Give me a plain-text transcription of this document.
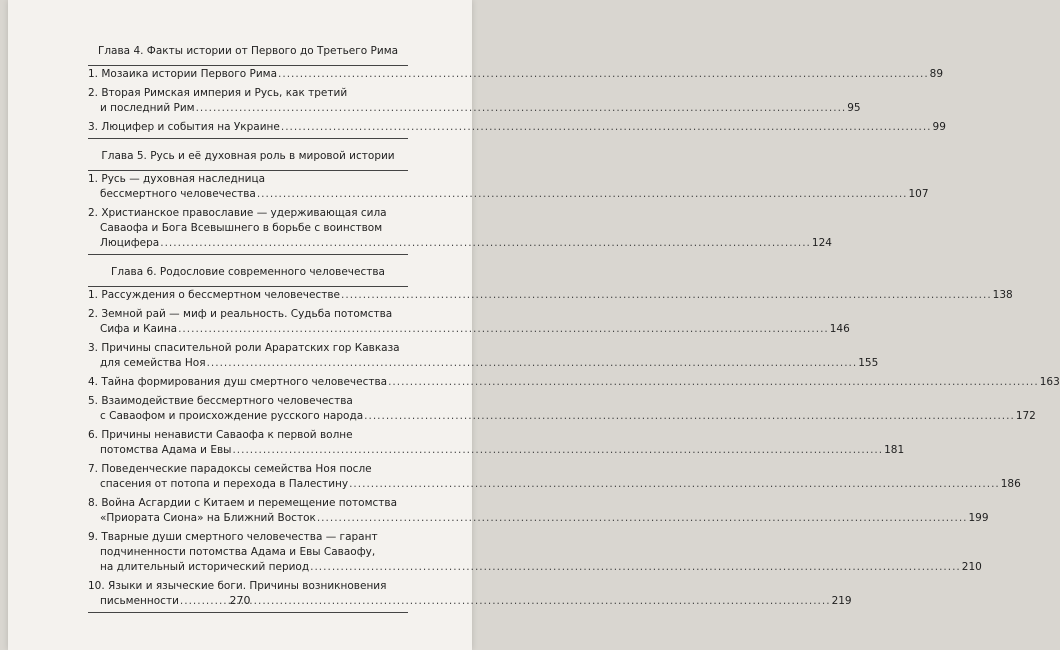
Глава 4. Факты истории от Первого до Третьего Рима
1. Мозаика истории Первого Рима .....	89
2. Вторая Римская империя и Русь, как третий
и последний Рим .....	95
3. Люцифер и события на Украине .....	99
Глава 5. Русь и её духовная роль в мировой истории
1. Русь — духовная наследница
бессмертного человечества .....	107
2. Христианское православие — удерживающая сила
Саваофа и Бога Всевышнего в борьбе с воинством
Люцифера .....	124
Глава 6. Родословие современного человечества
1. Рассуждения о бессмертном человечестве .....	138
2. Земной рай — миф и реальность. Судьба потомства
Сифа и Каина .....	146
3. Причины спасительной роли Араратских гор Кавказа
для семейства Ноя .....	155
4. Тайна формирования душ смертного человечества .....	163
5. Взаимодействие бессмертного человечества
с Саваофом и происхождение русского народа .....	172
6. Причины ненависти Саваофа к первой волне
потомства Адама и Евы .....	181
7. Поведенческие парадоксы семейства Ноя после
спасения от потопа и перехода в Палестину .....	186
8. Война Асгардии с Китаем и перемещение потомства
«Приората Сиона» на Ближний Восток .....	199
9. Тварные души смертного человечества — гарант
подчиненности потомства Адама и Евы Саваофу,
на длительный исторический период .....	210
10. Языки и языческие боги. Причины возникновения
письменности .....	219
270
